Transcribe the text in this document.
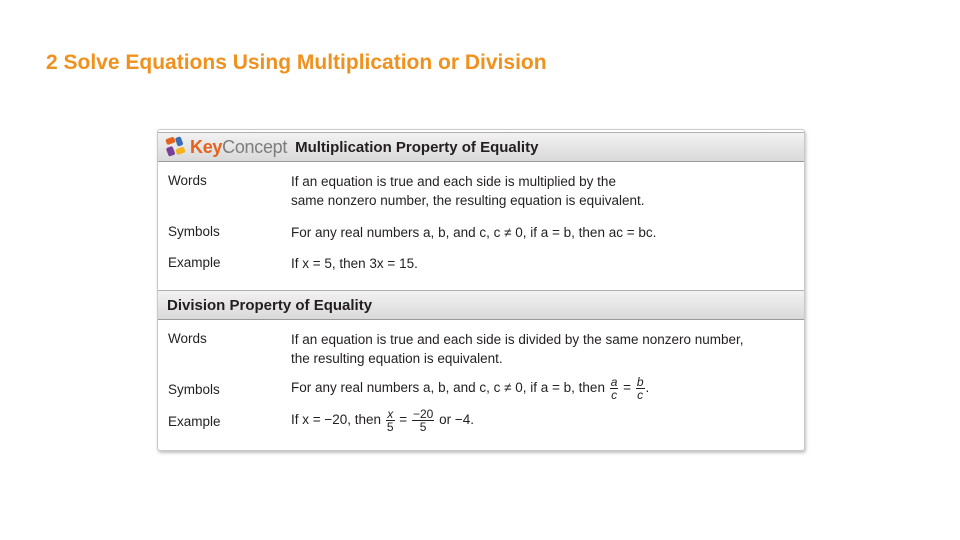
2 Solve Equations Using Multiplication or Division
KeyConcept Multiplication Property of Equality
Words	If an equation is true and each side is multiplied by the
same nonzero number, the resulting equation is equivalent.
Symbols	For any real numbers a, b, and c, c ≠ 0, if a = b, then ac = bc.
Example	If x = 5, then 3x = 15.
Division Property of Equality
Words	If an equation is true and each side is divided by the same nonzero number,
the resulting equation is equivalent.
Symbols	For any real numbers a, b, and c, c ≠ 0, if a = b, then $\frac{a}{c} = \frac{b}{c}$ .
Example	If x = −20, then $\frac{x}{5} = \frac{-20}{5}$ or −4.
